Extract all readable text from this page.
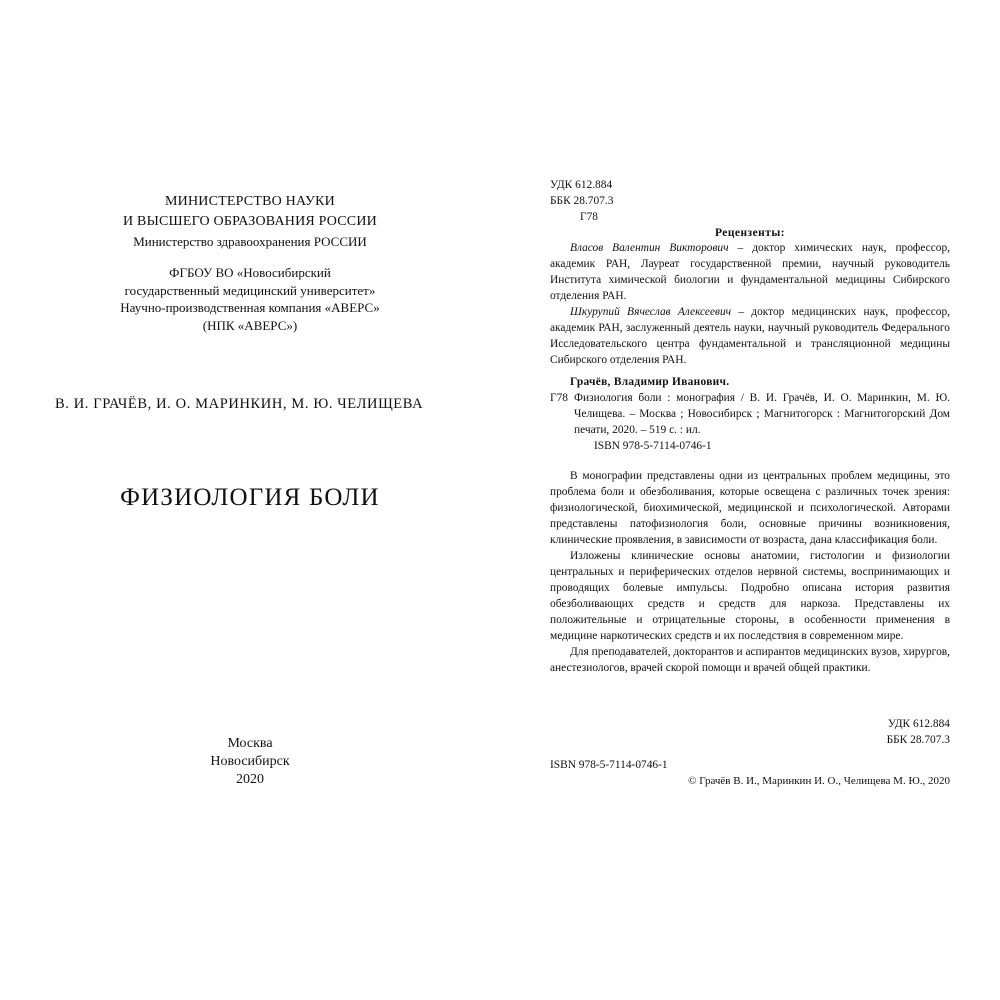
МИНИСТЕРСТВО НАУКИ
И ВЫСШЕГО ОБРАЗОВАНИЯ РОССИИ
Министерство здравоохранения РОССИИ
ФГБОУ ВО «Новосибирский
государственный медицинский университет»
Научно-производственная компания «АВЕРС»
(НПК «АВЕРС»)
В. И. ГРАЧЁВ, И. О. МАРИНКИН, М. Ю. ЧЕЛИЩЕВА
ФИЗИОЛОГИЯ БОЛИ
Москва
Новосибирск
2020
УДК 612.884
ББК 28.707.3
Г78
Рецензенты:
Власов Валентин Викторович – доктор химических наук, профессор, академик РАН, Лауреат государственной премии, научный руководитель Института химической биологии и фундаментальной медицины Сибирского отделения РАН.
Шкурупий Вячеслав Алексеевич – доктор медицинских наук, профессор, академик РАН, заслуженный деятель науки, научный руководитель Федерального Исследовательского центра фундаментальной и трансляционной медицины Сибирского отделения РАН.
Грачёв, Владимир Иванович.
Г78 Физиология боли : монография / В. И. Грачёв, И. О. Маринкин, М. Ю. Челищева. – Москва ; Новосибирск ; Магнитогорск : Магнитогорский Дом печати, 2020. – 519 с. : ил.
ISBN 978-5-7114-0746-1

В монографии представлены одни из центральных проблем медицины, это проблема боли и обезболивания, которые освещена с различных точек зрения: физиологической, биохимической, медицинской и психологической. Авторами представлены патофизиология боли, основные причины возникновения, клинические проявления, в зависимости от возраста, дана классификация боли.

Изложены клинические основы анатомии, гистологии и физиологии центральных и периферических отделов нервной системы, воспринимающих и проводящих болевые импульсы. Подробно описана история развития обезболивающих средств и средств для наркоза. Представлены их положительные и отрицательные стороны, в особенности применения в медицине наркотических средств и их последствия в современном мире.

Для преподавателей, докторантов и аспирантов медицинских вузов, хирургов, анестезиологов, врачей скорой помощи и врачей общей практики.

УДК 612.884
ББК 28.707.3
ISBN 978-5-7114-0746-1
© Грачёв В. И., Маринкин И. О., Челищева М. Ю., 2020
